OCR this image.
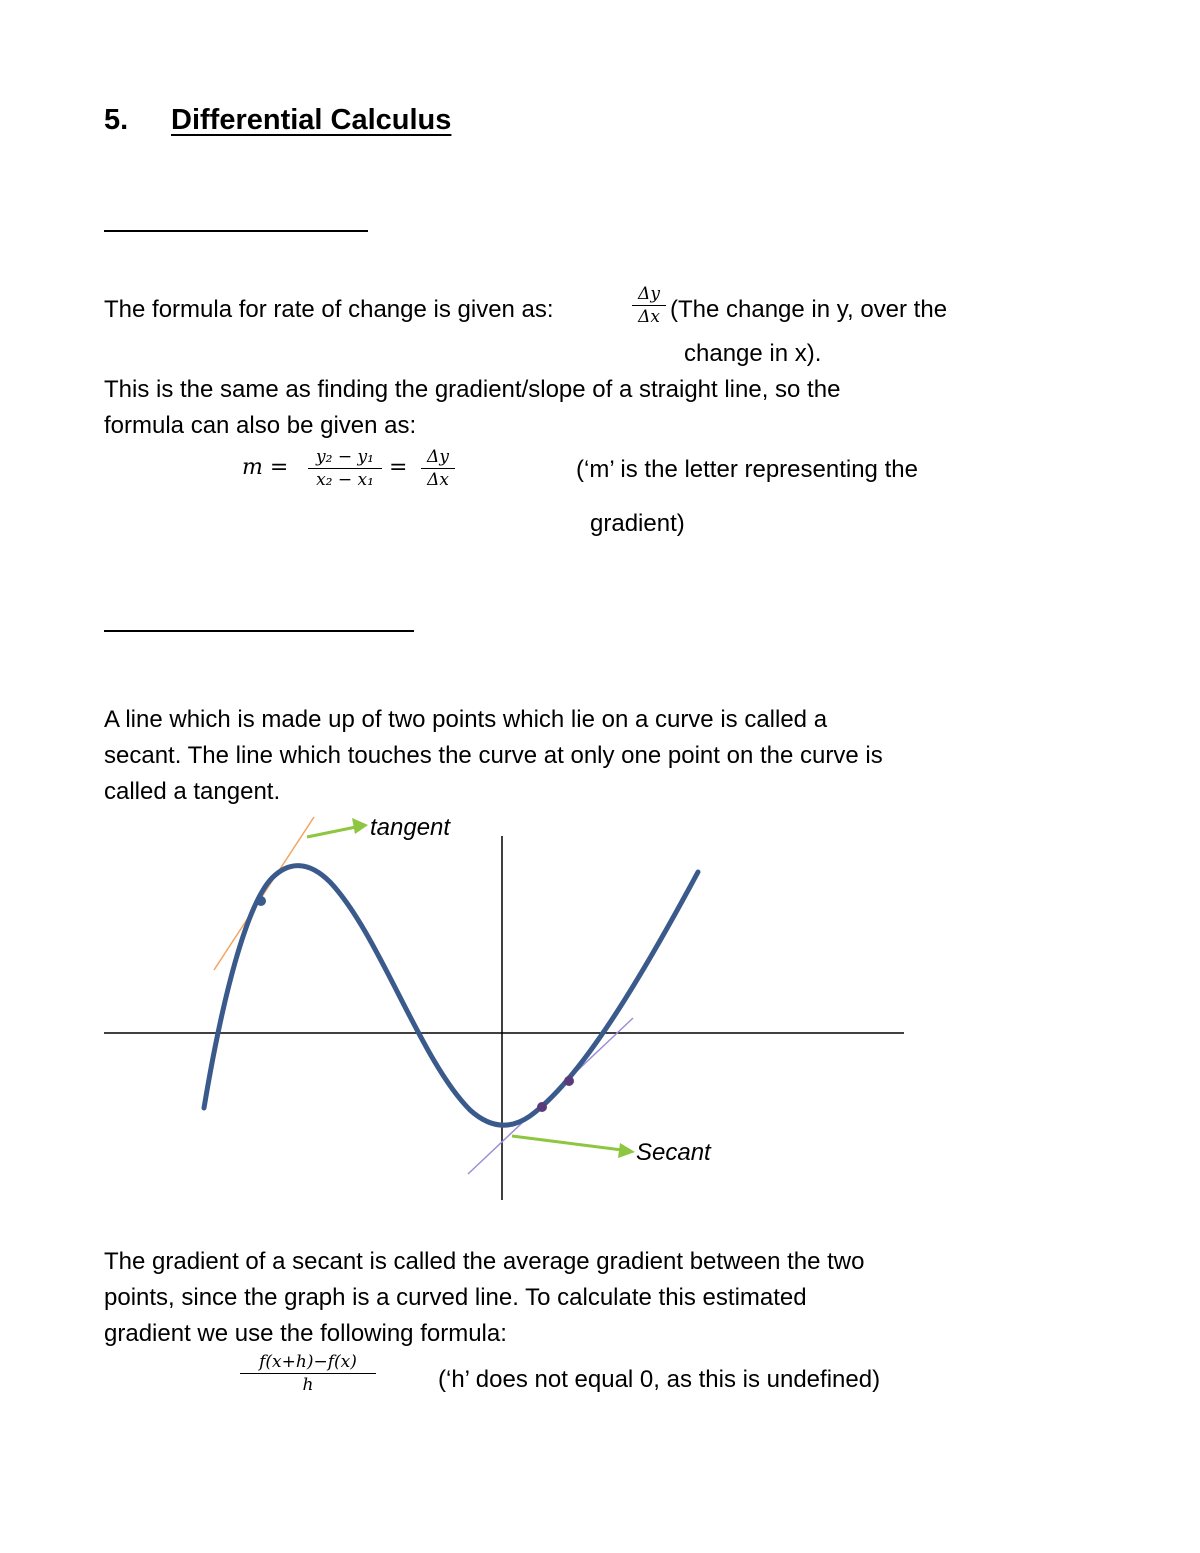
5. Differential Calculus
The formula for rate of change is given as:	$\frac{\Delta y}{\Delta x} (The$ change in y, over the
change in x).
This is the same as finding the gradient/slope of a straight line, so the
formula can also be given as:
$m = \frac{\text{y₂ − y₁}}{\text{x₂ − x₁}} = \frac{\Delta y}{\Delta x}$	(‘m’ is the letter representing the
gradient)
A line which is made up of two points which lie on a curve is called a
secant. The line which touches the curve at only one point on the curve is
called a tangent.
tangent
Secant
The gradient of a secant is called the average gradient between the two
points, since the graph is a curved line. To calculate this estimated
gradient we use the following formula:
$\frac{f(x+h)-f(x)}{h}$	(‘h’ does not equal 0, as this is undefined)
